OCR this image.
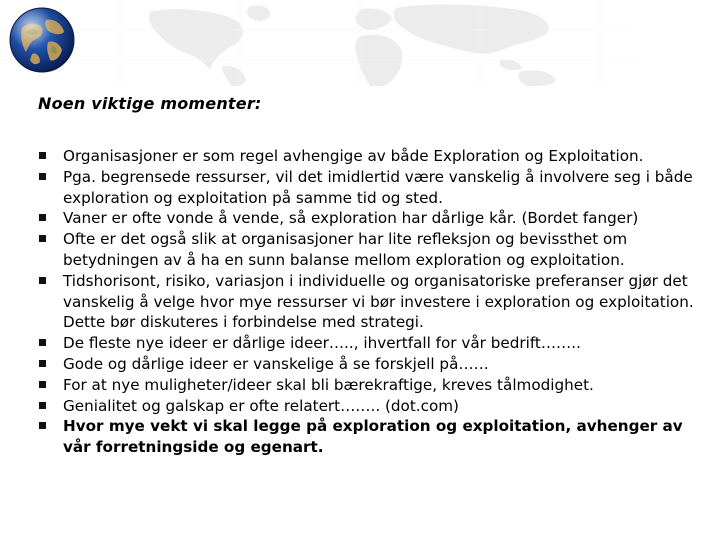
Noen viktige momenter:
Organisasjoner er som regel avhengige av både Exploration og Exploitation.
Pga. begrensede ressurser, vil det imidlertid være vanskelig å involvere seg i både exploration og exploitation på samme tid og sted.
Vaner er ofte vonde å vende, så exploration har dårlige kår. (Bordet fanger)
Ofte er det også slik at organisasjoner har lite refleksjon og bevissthet om betydningen av å ha en sunn balanse mellom exploration og exploitation.
Tidshorisont, risiko, variasjon i individuelle og organisatoriske preferanser gjør det vanskelig å velge hvor mye ressurser vi bør investere i exploration og exploitation. Dette bør diskuteres i forbindelse med strategi.
De fleste nye ideer er dårlige ideer….., ihvertfall for vår bedrift……..
Gode og dårlige ideer er vanskelige å se forskjell på……
For at nye muligheter/ideer skal bli bærekraftige, kreves tålmodighet.
Genialitet og galskap er ofte relatert…….. (dot.com)
Hvor mye vekt vi skal legge på exploration og exploitation, avhenger av vår forretningside og egenart.
